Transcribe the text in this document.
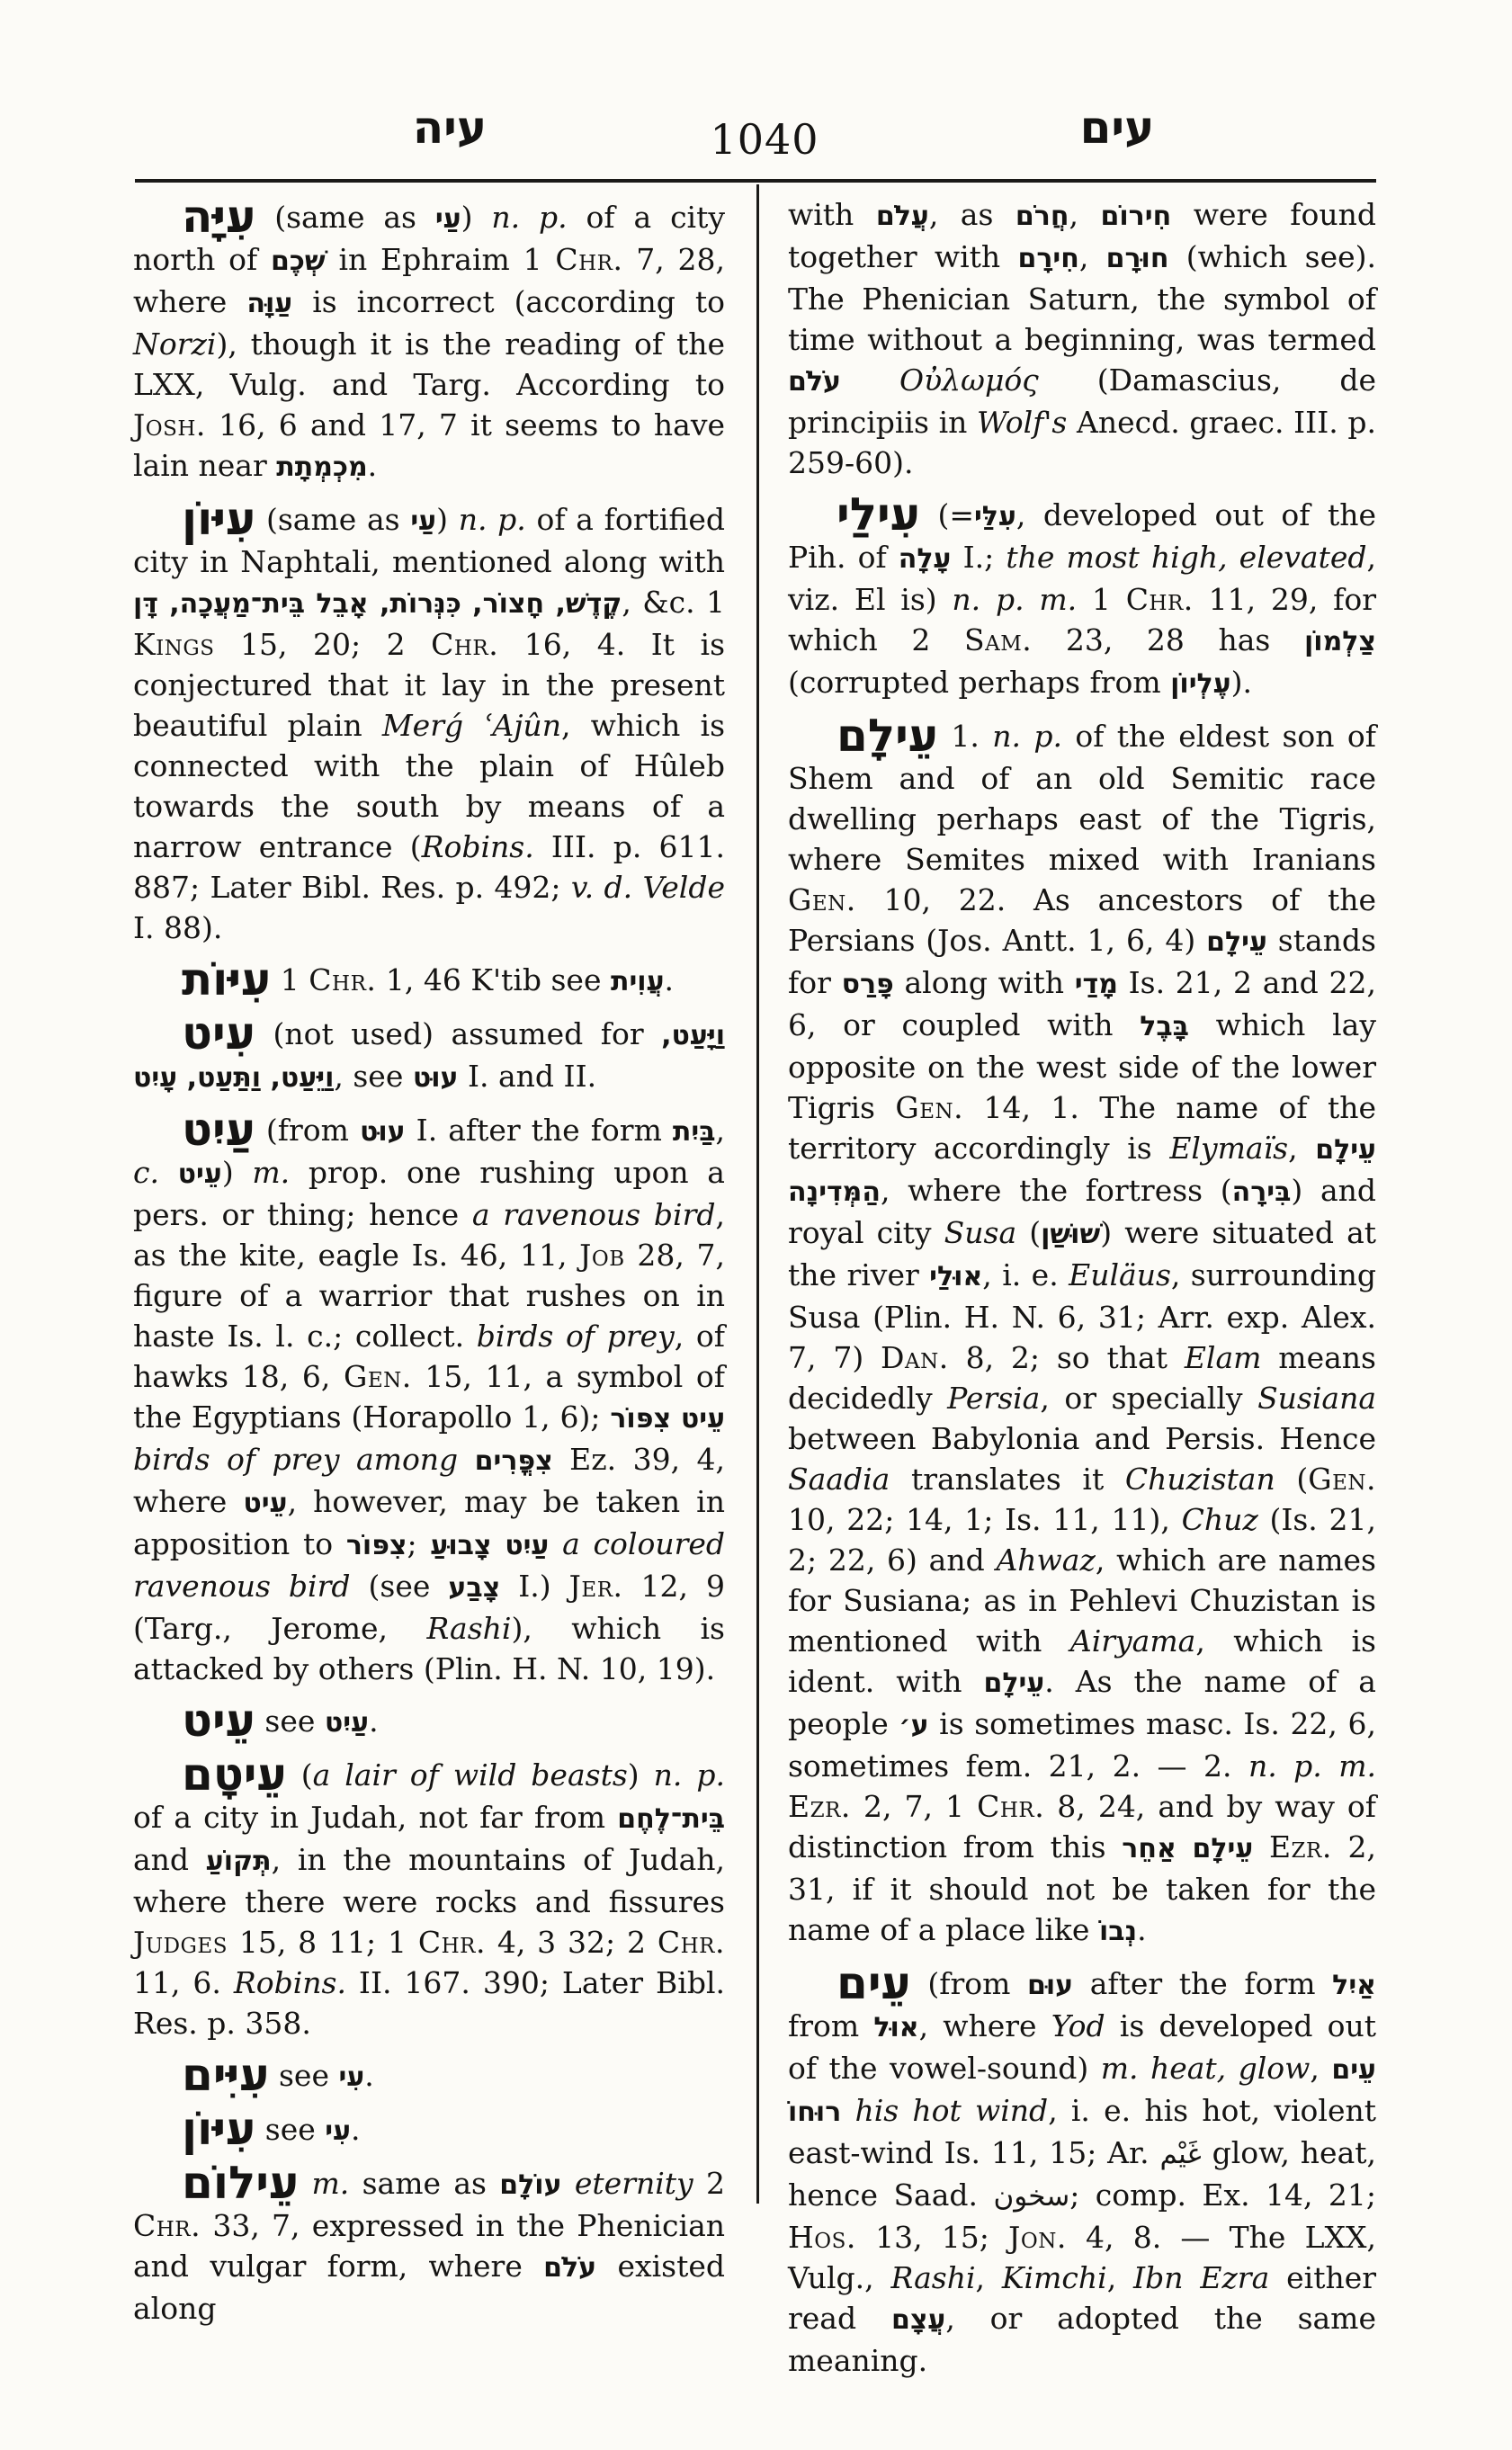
עיה	1040	עים

עִיָּה (same as עַי) n. p. of a city north of שְׁכֶם in Ephraim 1 Chr. 7, 28, where עַוָּה is incorrect (according to Norzi), though it is the reading of the LXX, Vulg. and Targ. According to Josh. 16, 6 and 17, 7 it seems to have lain near מִכְמְתָת.

עִיּוֹן (same as עַי) n. p. of a fortified city in Naphtali, mentioned along with קֶדֶשׁ, חָצוֹר, כִּנְּרוֹת, אָבֵל בֵּית־מַעֲכָה, דָּן, &c. 1 Kings 15, 20; 2 Chr. 16, 4. It is conjectured that it lay in the present beautiful plain Merǵ ʿAjûn, which is connected with the plain of Hûleb towards the south by means of a narrow entrance (Robins. III. p. 611. 887; Later Bibl. Res. p. 492; v. d. Velde I. 88).

עִיּוֹת 1 Chr. 1, 46 K'tib see עֲוִית.

עִיט (not used) assumed for וַיָּעַט, וַיֵּעַט, וַתַּעַט, עָיִט, see עוּט I. and II.

עַיִט (from עוּט I. after the form בַּיִת, c. עֵיט) m. prop. one rushing upon a pers. or thing; hence a ravenous bird, as the kite, eagle Is. 46, 11, Job 28, 7, figure of a warrior that rushes on in haste Is. l. c.; collect. birds of prey, of hawks 18, 6, Gen. 15, 11, a symbol of the Egyptians (Horapollo 1, 6); עֵיט צִפּוֹר birds of prey among צִפֳּרִים Ez. 39, 4, where עֵיט, however, may be taken in apposition to צִפּוֹר; עַיִט צָבוּעַ a coloured ravenous bird (see צָבַע I.) Jer. 12, 9 (Targ., Jerome, Rashi), which is attacked by others (Plin. H. N. 10, 19).

עֵיט see עַיִט.

עֵיטָם (a lair of wild beasts) n. p. of a city in Judah, not far from בֵּית־לֶחֶם and תְּקוֹעַ, in the mountains of Judah, where there were rocks and fissures Judges 15, 8 11; 1 Chr. 4, 3 32; 2 Chr. 11, 6. Robins. II. 167. 390; Later Bibl. Res. p. 358.

עִיִּים see עִי.

עִיּוֹן see עִי.

עֵילוֹם m. same as עוֹלָם eternity 2 Chr. 33, 7, expressed in the Phenician and vulgar form, where עֹלֹם existed along

with עֲלֹם, as חֲרֹם, חִירוֹם were found together with חִירָם, חוּרָם (which see). The Phenician Saturn, the symbol of time without a beginning, was termed עֹלֹם Οὐλωμός (Damascius, de principiis in Wolf's Anecd. graec. III. p. 259-60).

עִילַי (=עִלַּי, developed out of the Pih. of עָלָה I.; the most high, elevated, viz. El is) n. p. m. 1 Chr. 11, 29, for which 2 Sam. 23, 28 has צַלְמוֹן (corrupted perhaps from עֶלְיוֹן).

עֵילָם 1. n. p. of the eldest son of Shem and of an old Semitic race dwelling perhaps east of the Tigris, where Semites mixed with Iranians Gen. 10, 22. As ancestors of the Persians (Jos. Antt. 1, 6, 4) עֵילָם stands for פָּרַס along with מָדַי Is. 21, 2 and 22, 6, or coupled with בָּבֶל which lay opposite on the west side of the lower Tigris Gen. 14, 1. The name of the territory accordingly is Elymaïs, עֵילָם הַמְּדִינָה, where the fortress (בִּירָה) and royal city Susa (שׁוּשַׁן) were situated at the river אוּלַי, i. e. Euläus, surrounding Susa (Plin. H. N. 6, 31; Arr. exp. Alex. 7, 7) Dan. 8, 2; so that Elam means decidedly Persia, or specially Susiana between Babylonia and Persis. Hence Saadia translates it Chuzistan (Gen. 10, 22; 14, 1; Is. 11, 11), Chuz (Is. 21, 2; 22, 6) and Ahwaz, which are names for Susiana; as in Pehlevi Chuzistan is mentioned with Airyama, which is ident. with עֵילָם. As the name of a people ע׳ is sometimes masc. Is. 22, 6, sometimes fem. 21, 2. — 2. n. p. m. Ezr. 2, 7, 1 Chr. 8, 24, and by way of distinction from this עֵילָם אַחֵר Ezr. 2, 31, if it should not be taken for the name of a place like נְבוֹ.

עֵים (from עוּם after the form אַיִל from אוּל, where Yod is developed out of the vowel-sound) m. heat, glow, עֵים רוּחוֹ his hot wind, i. e. his hot, violent east-wind Is. 11, 15; Ar. غَيْم glow, heat, hence Saad. سخون; comp. Ex. 14, 21; Hos. 13, 15; Jon. 4, 8. — The LXX, Vulg., Rashi, Kimchi, Ibn Ezra either read עֲצָם, or adopted the same meaning.
